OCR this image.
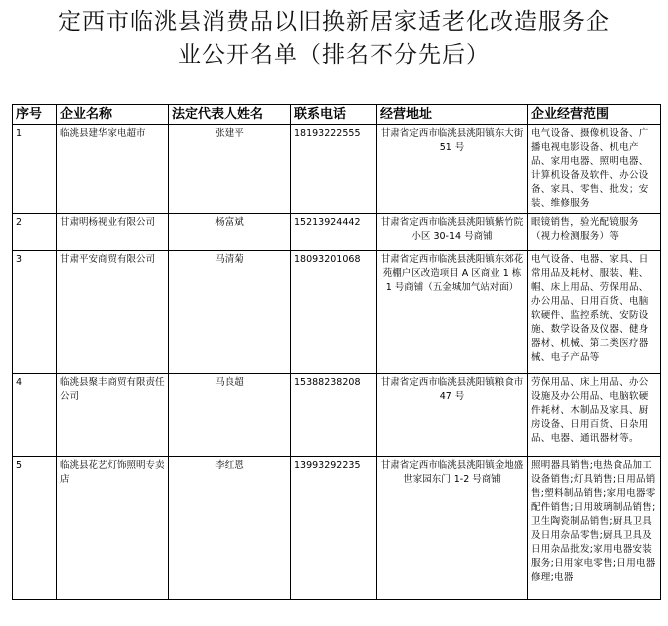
定西市临洮县消费品以旧换新居家适老化改造服务企
业公开名单（排名不分先后）
序号	企业名称	法定代表人姓名	联系电话	经营地址	企业经营范围
1	临洮县建华家电超市	张建平	18193222555	甘肃省定西市临洮县洮阳镇东大街 51 号	电气设备、摄像机设备、广播电视电影设备、机电产品、家用电器、照明电器、计算机设备及软件、办公设备、家具、零售、批发；安装、维修服务
2	甘肃明杨视业有限公司	杨富斌	15213924442	甘肃省定西市临洮县洮阳镇紫竹院小区 30-14 号商铺	眼镜销售，验光配镜服务（视力检测服务）等
3	甘肃平安商贸有限公司	马清菊	18093201068	甘肃省定西市临洮县洮阳镇东郊花苑棚户区改造项目 A 区商业 1 栋 1 号商铺（五金城加气站对面）	电气设备、电器、家具、日常用品及耗材、服装、鞋、帽、床上用品、劳保用品、办公用品、日用百货、电脑软硬件、监控系统、安防设施、数学设备及仪器、健身器材、机械、第二类医疗器械、电子产品等
4	临洮县聚丰商贸有限责任公司	马良超	15388238208	甘肃省定西市临洮县洮阳镇粮食市 47 号	劳保用品、床上用品、办公设施及办公用品、电脑软硬件耗材、木制品及家具、厨房设备、日用百货、日杂用品、电器、通讯器材等。
5	临洮县花艺灯饰照明专卖店	李红恩	13993292235	甘肃省定西市临洮县洮阳镇金地盛世家园东门 1-2 号商铺	照明器具销售;电热食品加工设备销售;灯具销售;日用品销售;塑料制品销售;家用电器零配件销售;日用玻璃制品销售;卫生陶瓷制品销售;厨具卫具及日用杂品零售;厨具卫具及日用杂品批发;家用电器安装服务;日用家电零售;日用电器修理;电器
